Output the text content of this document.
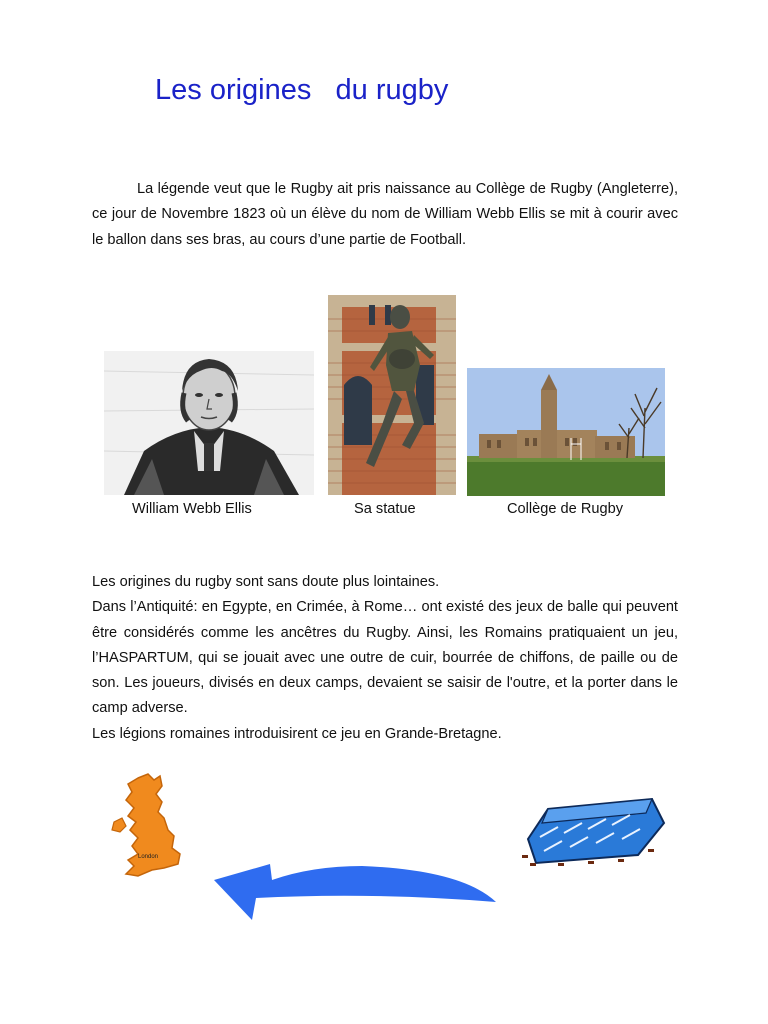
Les origines   du rugby
La légende veut que le Rugby ait pris naissance au Collège de Rugby (Angleterre), ce jour de Novembre 1823 où un élève du nom de William Webb Ellis se mit à courir avec le ballon dans ses bras, au cours d’une partie de Football.
William Webb Ellis	Sa statue	Collège de Rugby

Les origines du rugby sont sans doute plus lointaines.

Dans l’Antiquité: en Egypte, en Crimée, à Rome… ont existé des jeux de balle qui peuvent être considérés comme les ancêtres du Rugby. Ainsi, les Romains pratiquaient un jeu, l’HASPARTUM, qui se jouait avec une outre de cuir, bourrée de chiffons, de paille ou de son. Les joueurs, divisés en deux camps, devaient se saisir de l'outre, et la porter dans le camp adverse.

Les légions romaines introduisirent ce jeu en Grande-Bretagne.

London
